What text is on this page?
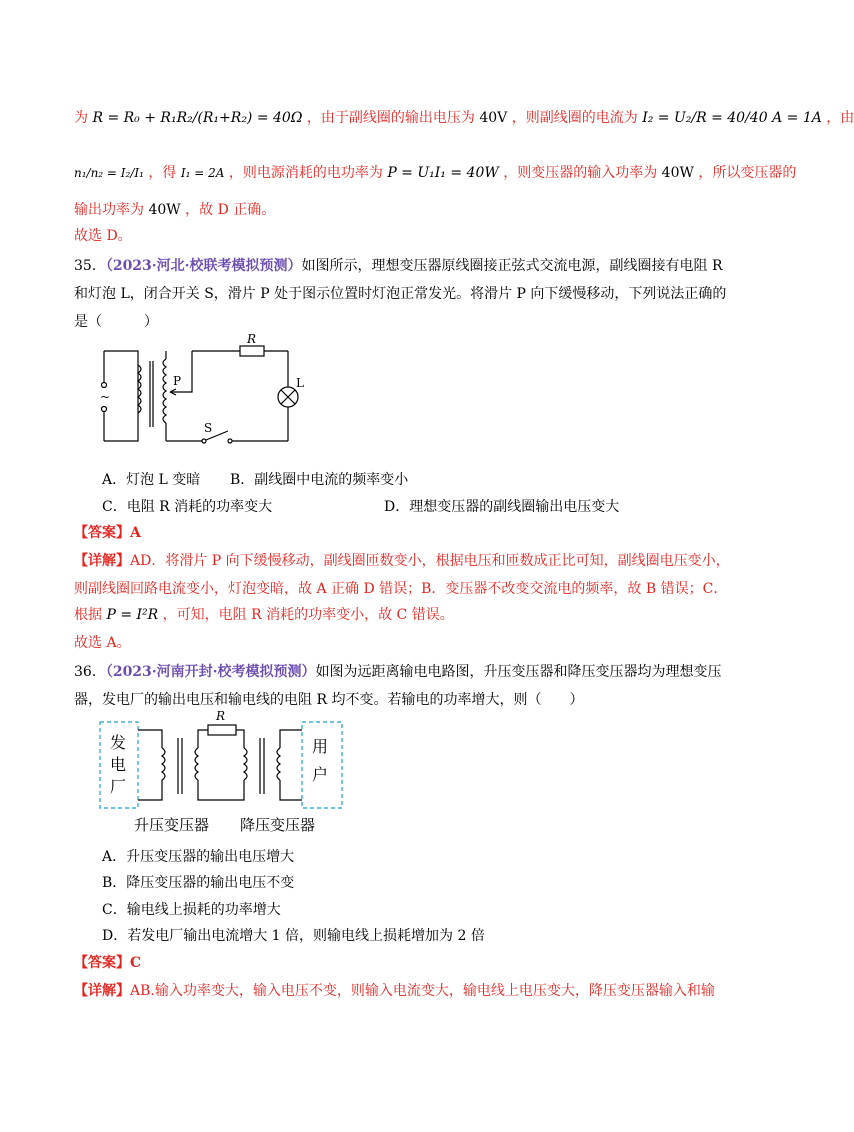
为 R = R₀ + R₁R₂/(R₁+R₂) = 40Ω ，由于副线圈的输出电压为 40V ，则副线圈的电流为 I₂ = U₂/R = 40/40 A = 1A ，由
n₁/n₂ = I₂/I₁ ，得 I₁ = 2A ，则电源消耗的电功率为 P = U₁I₁ = 40W ，则变压器的输入功率为 40W ，所以变压器的
输出功率为 40W ，故 D 正确。
故选 D。
35．（2023·河北·校联考模拟预测）如图所示，理想变压器原线圈接正弦式交流电源，副线圈接有电阻 R
和灯泡 L，闭合开关 S，滑片 P 处于图示位置时灯泡正常发光。将滑片 P 向下缓慢移动，下列说法正确的
是（　　　）
~
P
R
L
S
A．灯泡 L 变暗 B．副线圈中电流的频率变小
C．电阻 R 消耗的功率变大	D．理想变压器的副线圈输出电压变大
【答案】A
【详解】AD．将滑片 P 向下缓慢移动，副线圈匝数变小，根据电压和匝数成正比可知，副线圈电压变小，
则副线圈回路电流变小，灯泡变暗，故 A 正确 D 错误；B．变压器不改变交流电的频率，故 B 错误；C．
根据 P = I²R ，可知，电阻 R 消耗的功率变小，故 C 错误。
故选 A。
36．（2023·河南开封·校考模拟预测）如图为远距离输电电路图，升压变压器和降压变压器均为理想变压
器，发电厂的输出电压和输电线的电阻 R 均不变。若输电的功率增大，则（　　）
R
发
电
厂
用
户
升压变压器 降压变压器
A．升压变压器的输出电压增大
B．降压变压器的输出电压不变
C．输电线上损耗的功率增大
D．若发电厂输出电流增大 1 倍，则输电线上损耗增加为 2 倍
【答案】C
【详解】AB.输入功率变大，输入电压不变，则输入电流变大，输电线上电压变大，降压变压器输入和输
